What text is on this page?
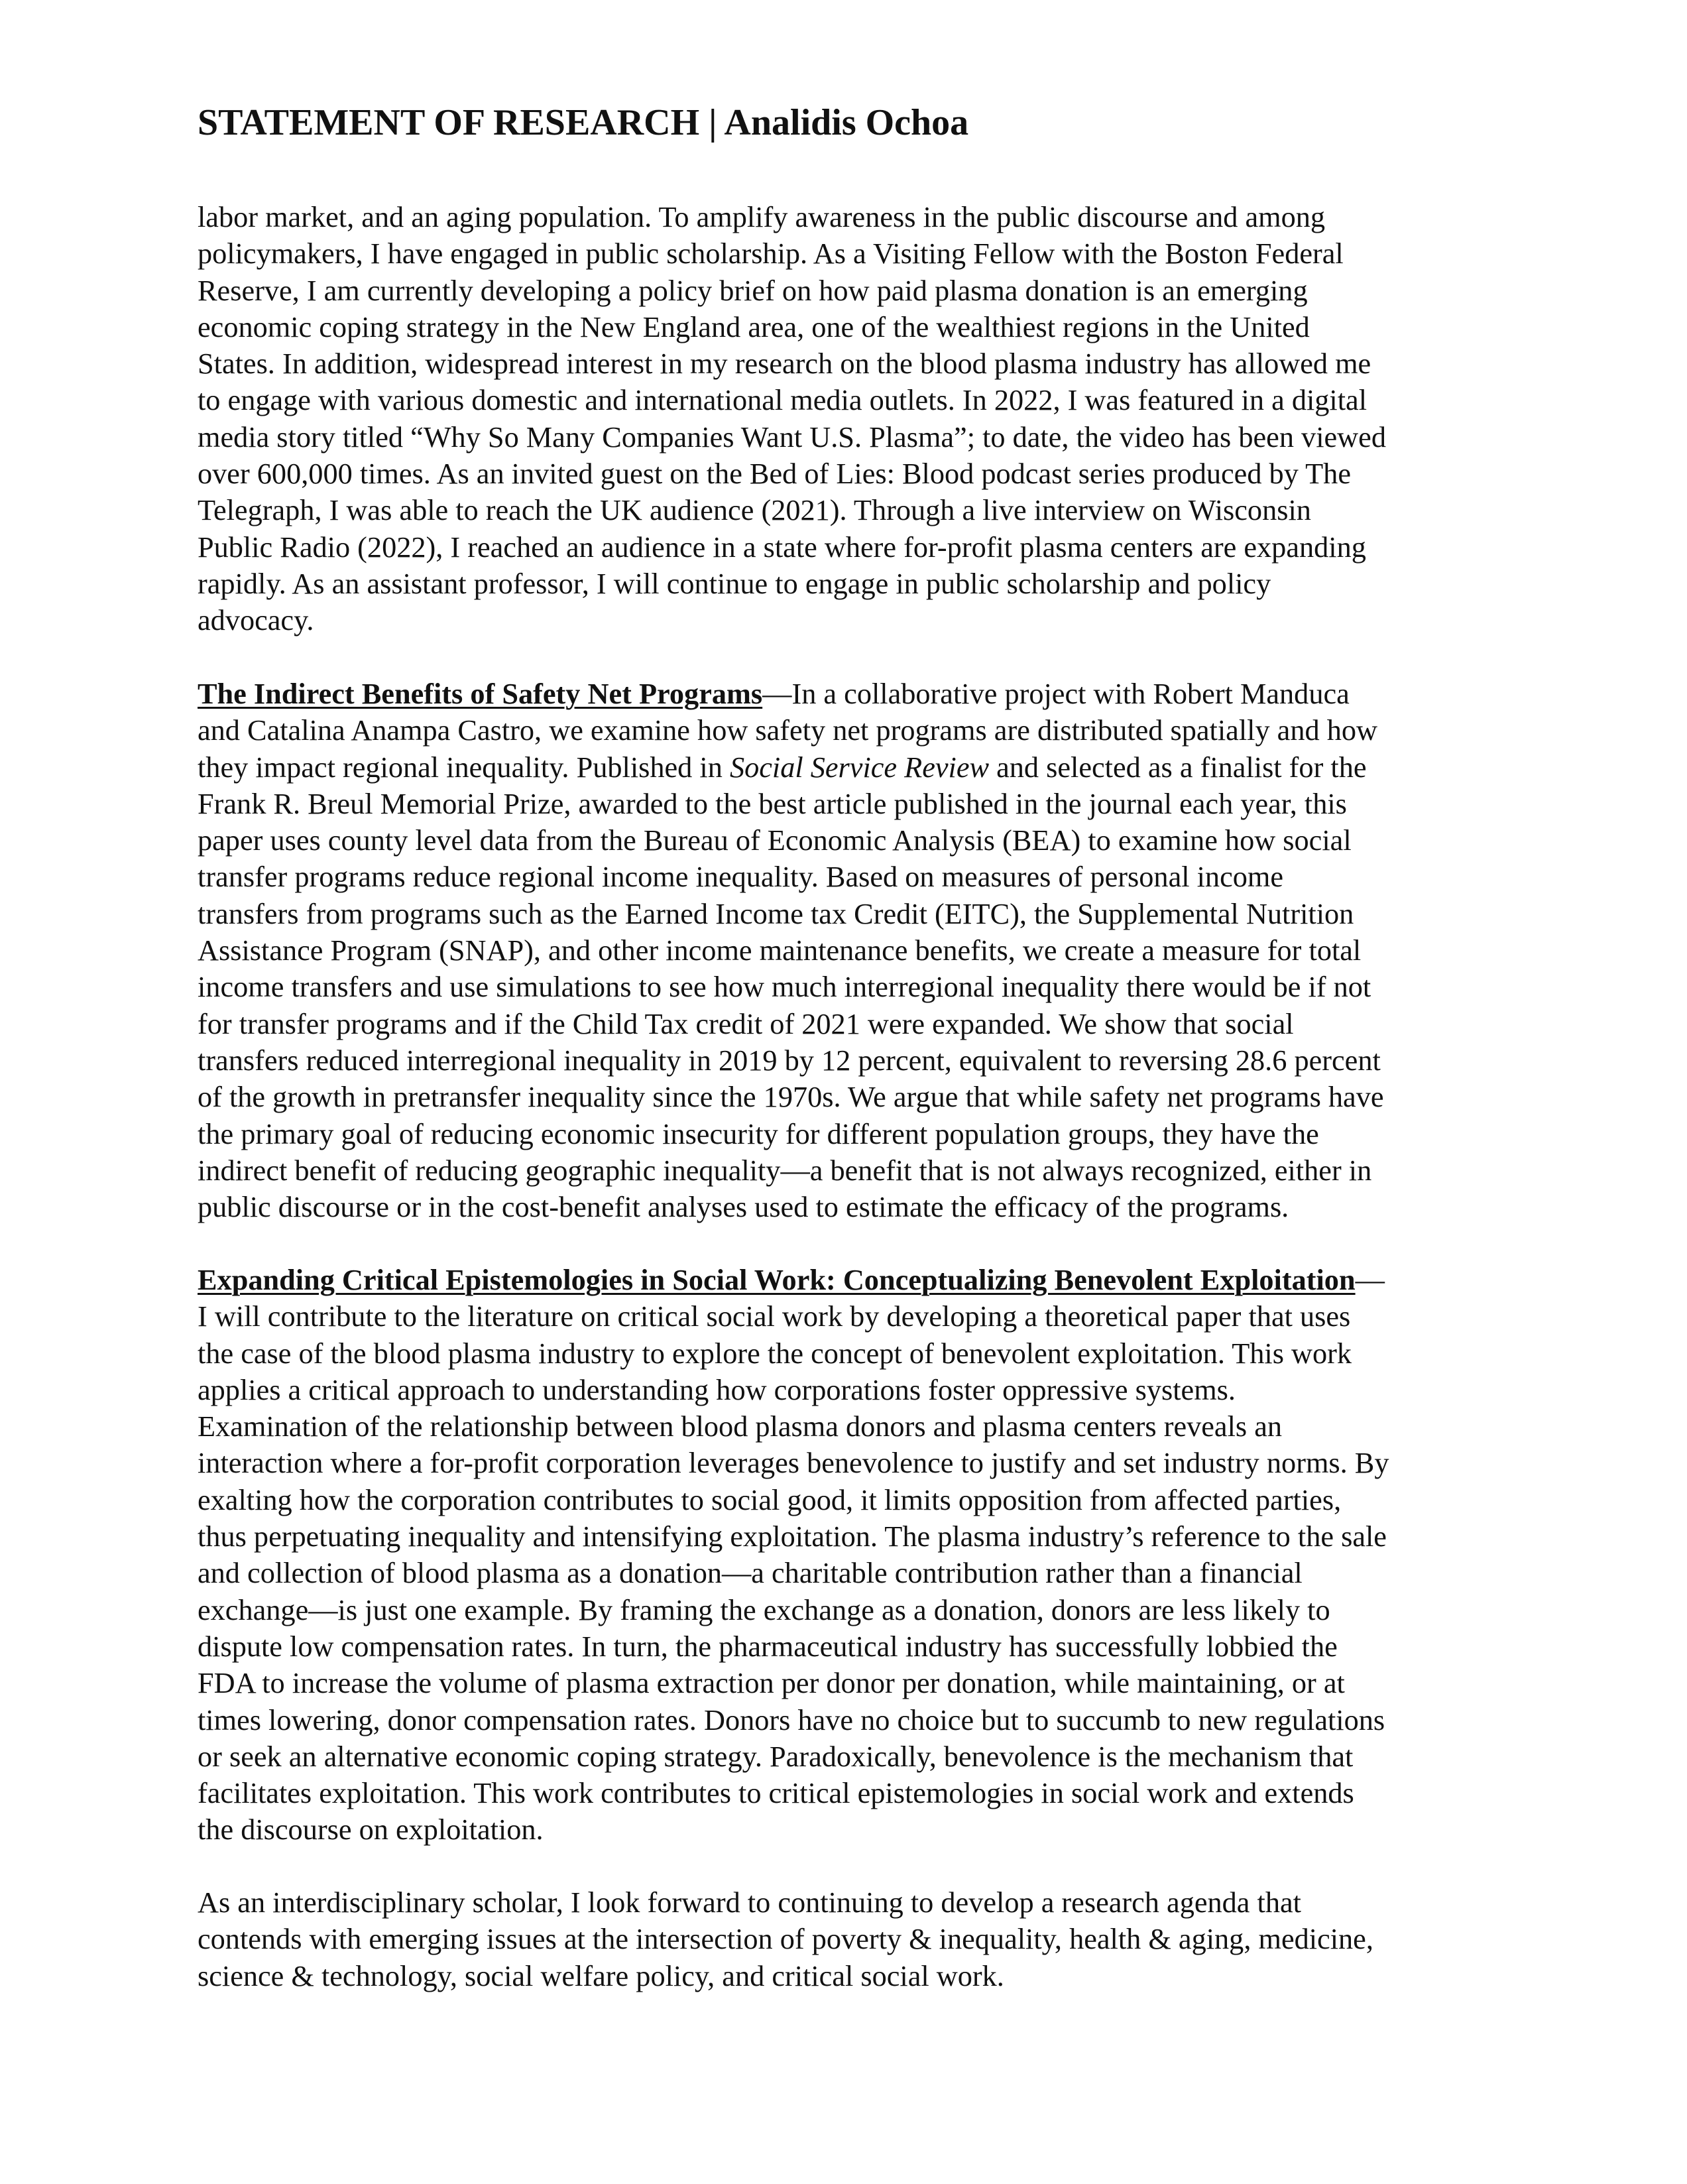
STATEMENT OF RESEARCH | Analidis Ochoa

labor market, and an aging population. To amplify awareness in the public discourse and among
policymakers, I have engaged in public scholarship. As a Visiting Fellow with the Boston Federal
Reserve, I am currently developing a policy brief on how paid plasma donation is an emerging
economic coping strategy in the New England area, one of the wealthiest regions in the United
States. In addition, widespread interest in my research on the blood plasma industry has allowed me
to engage with various domestic and international media outlets. In 2022, I was featured in a digital
media story titled “Why So Many Companies Want U.S. Plasma”; to date, the video has been viewed
over 600,000 times. As an invited guest on the Bed of Lies: Blood podcast series produced by The
Telegraph, I was able to reach the UK audience (2021). Through a live interview on Wisconsin
Public Radio (2022), I reached an audience in a state where for-profit plasma centers are expanding
rapidly. As an assistant professor, I will continue to engage in public scholarship and policy
advocacy.

The Indirect Benefits of Safety Net Programs—In a collaborative project with Robert Manduca
and Catalina Anampa Castro, we examine how safety net programs are distributed spatially and how
they impact regional inequality. Published in Social Service Review and selected as a finalist for the
Frank R. Breul Memorial Prize, awarded to the best article published in the journal each year, this
paper uses county level data from the Bureau of Economic Analysis (BEA) to examine how social
transfer programs reduce regional income inequality. Based on measures of personal income
transfers from programs such as the Earned Income tax Credit (EITC), the Supplemental Nutrition
Assistance Program (SNAP), and other income maintenance benefits, we create a measure for total
income transfers and use simulations to see how much interregional inequality there would be if not
for transfer programs and if the Child Tax credit of 2021 were expanded. We show that social
transfers reduced interregional inequality in 2019 by 12 percent, equivalent to reversing 28.6 percent
of the growth in pretransfer inequality since the 1970s. We argue that while safety net programs have
the primary goal of reducing economic insecurity for different population groups, they have the
indirect benefit of reducing geographic inequality—a benefit that is not always recognized, either in
public discourse or in the cost-benefit analyses used to estimate the efficacy of the programs.

Expanding Critical Epistemologies in Social Work: Conceptualizing Benevolent Exploitation—
I will contribute to the literature on critical social work by developing a theoretical paper that uses
the case of the blood plasma industry to explore the concept of benevolent exploitation. This work
applies a critical approach to understanding how corporations foster oppressive systems.
Examination of the relationship between blood plasma donors and plasma centers reveals an
interaction where a for-profit corporation leverages benevolence to justify and set industry norms. By
exalting how the corporation contributes to social good, it limits opposition from affected parties,
thus perpetuating inequality and intensifying exploitation. The plasma industry’s reference to the sale
and collection of blood plasma as a donation—a charitable contribution rather than a financial
exchange—is just one example. By framing the exchange as a donation, donors are less likely to
dispute low compensation rates. In turn, the pharmaceutical industry has successfully lobbied the
FDA to increase the volume of plasma extraction per donor per donation, while maintaining, or at
times lowering, donor compensation rates. Donors have no choice but to succumb to new regulations
or seek an alternative economic coping strategy. Paradoxically, benevolence is the mechanism that
facilitates exploitation. This work contributes to critical epistemologies in social work and extends
the discourse on exploitation.

As an interdisciplinary scholar, I look forward to continuing to develop a research agenda that
contends with emerging issues at the intersection of poverty & inequality, health & aging, medicine,
science & technology, social welfare policy, and critical social work.
